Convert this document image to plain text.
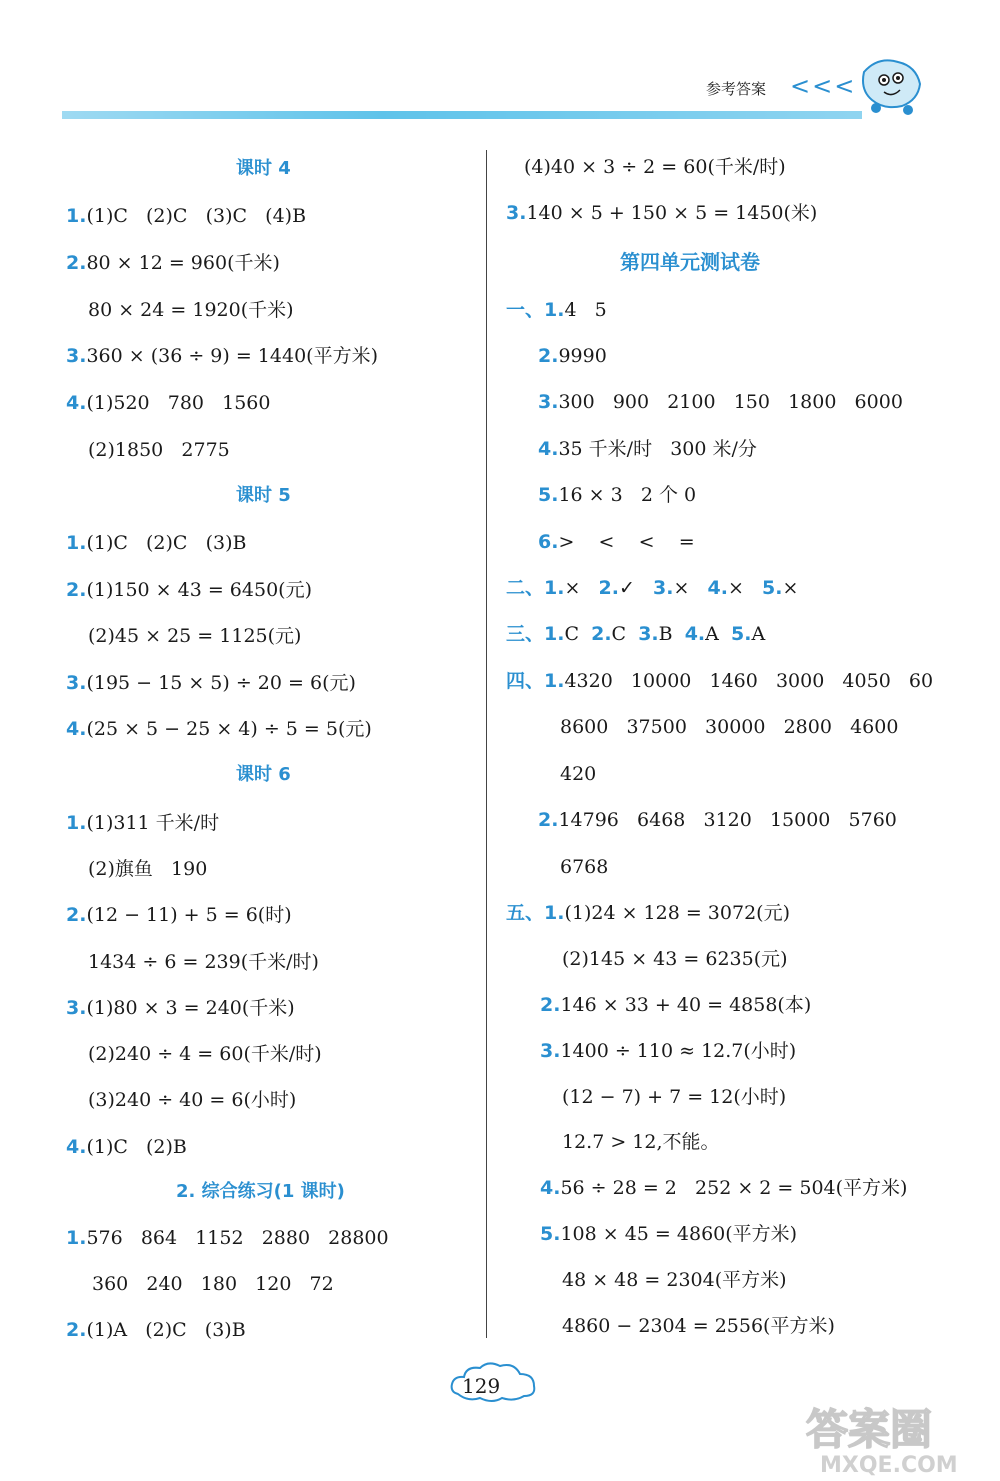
参考答案 <<<
课时 4
1.(1)C   (2)C   (3)C   (4)B
2.80 × 12 = 960(千米)
80 × 24 = 1920(千米)
3.360 × (36 ÷ 9) = 1440(平方米)
4.(1)520   780   1560
(2)1850   2775
课时 5
1.(1)C   (2)C   (3)B
2.(1)150 × 43 = 6450(元)
(2)45 × 25 = 1125(元)
3.(195 − 15 × 5) ÷ 20 = 6(元)
4.(25 × 5 − 25 × 4) ÷ 5 = 5(元)
课时 6
1.(1)311 千米/时
(2)旗鱼   190
2.(12 − 11) + 5 = 6(时)
1434 ÷ 6 = 239(千米/时)
3.(1)80 × 3 = 240(千米)
(2)240 ÷ 4 = 60(千米/时)
(3)240 ÷ 40 = 6(小时)
4.(1)C   (2)B
2. 综合练习(1 课时)
1.576   864   1152   2880   28800
360   240   180   120   72
2.(1)A   (2)C   (3)B
(4)40 × 3 ÷ 2 = 60(千米/时)
3.140 × 5 + 150 × 5 = 1450(米)
第四单元测试卷
一、1.4   5
2.9990
3.300   900   2100   150   1800   6000
4.35 千米/时   300 米/分
5.16 × 3   2 个 0
6.>    <    <    =
二、1.× 2.✓ 3.× 4.× 5.×
三、1.C 2.C 3.B 4.A 5.A
四、1.4320   10000   1460   3000   4050   60
8600   37500   30000   2800   4600
420
2.14796   6468   3120   15000   5760
6768
五、1.(1)24 × 128 = 3072(元)
(2)145 × 43 = 6235(元)
2.146 × 33 + 40 = 4858(本)
3.1400 ÷ 110 ≈ 12.7(小时)
(12 − 7) + 7 = 12(小时)
12.7 > 12,不能。
4.56 ÷ 28 = 2   252 × 2 = 504(平方米)
5.108 × 45 = 4860(平方米)
48 × 48 = 2304(平方米)
4860 − 2304 = 2556(平方米)
129
答案圈
MXQE.COM
